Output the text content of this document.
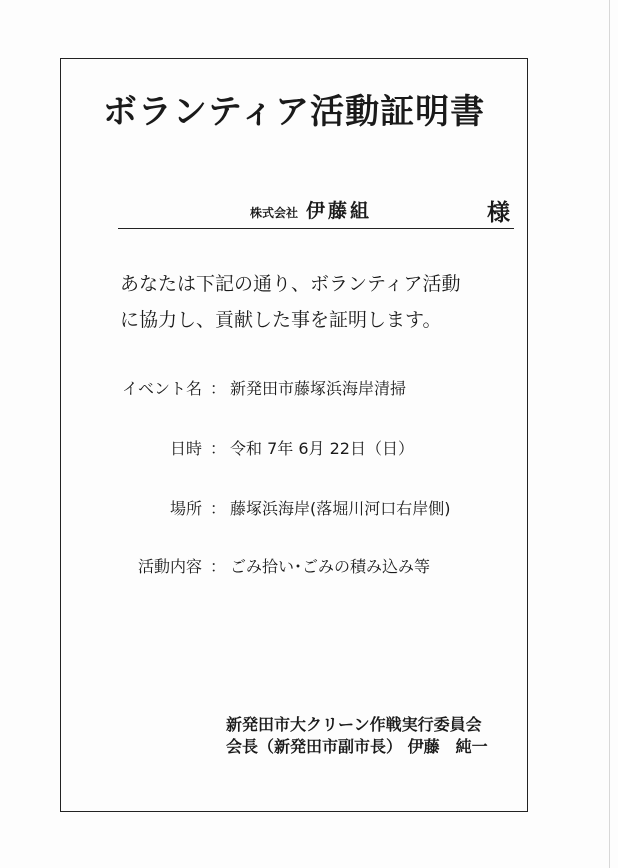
ボランティア活動証明書
株式会社 伊藤組	様
あなたは下記の通り、ボランティア活動
に協力し、貢献した事を証明します。
イベント名 ： 新発田市藤塚浜海岸清掃
日時 ： 令和 7年 6月 22日（日）
場所 ： 藤塚浜海岸(落堀川河口右岸側)
活動内容 ： ごみ拾い･ごみの積み込み等
新発田市大クリーン作戦実行委員会
会長（新発田市副市長） 伊藤　純一
